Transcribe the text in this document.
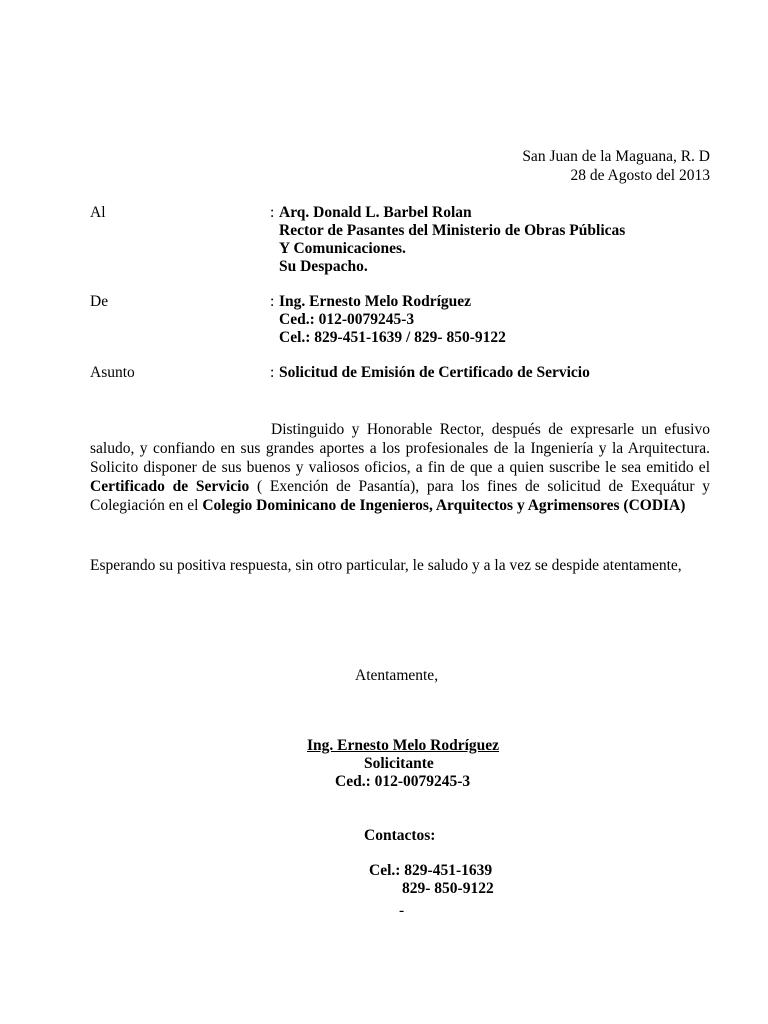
San Juan de la Maguana, R. D
28 de Agosto del 2013
Al	: Arq. Donald L. Barbel Rolan
Rector de Pasantes del Ministerio de Obras Públicas
Y Comunicaciones.
Su Despacho.
De	: Ing. Ernesto Melo Rodríguez
Ced.: 012-0079245-3
Cel.: 829-451-1639 / 829- 850-9122
Asunto	: Solicitud de Emisión de Certificado de Servicio
Distinguido y Honorable Rector, después de expresarle un efusivo saludo, y confiando en sus grandes aportes a los profesionales de la Ingeniería y la Arquitectura. Solicito disponer de sus buenos y valiosos oficios, a fin de que a quien suscribe le sea emitido el Certificado de Servicio ( Exención de Pasantía), para los fines de solicitud de Exequátur y Colegiación en el Colegio Dominicano de Ingenieros, Arquitectos y Agrimensores (CODIA)
Esperando su positiva respuesta, sin otro particular, le saludo y a la vez se despide atentamente,
Atentamente,
Ing. Ernesto Melo Rodríguez
Solicitante
Ced.: 012-0079245-3
Contactos:
Cel.: 829-451-1639
829- 850-9122
-
